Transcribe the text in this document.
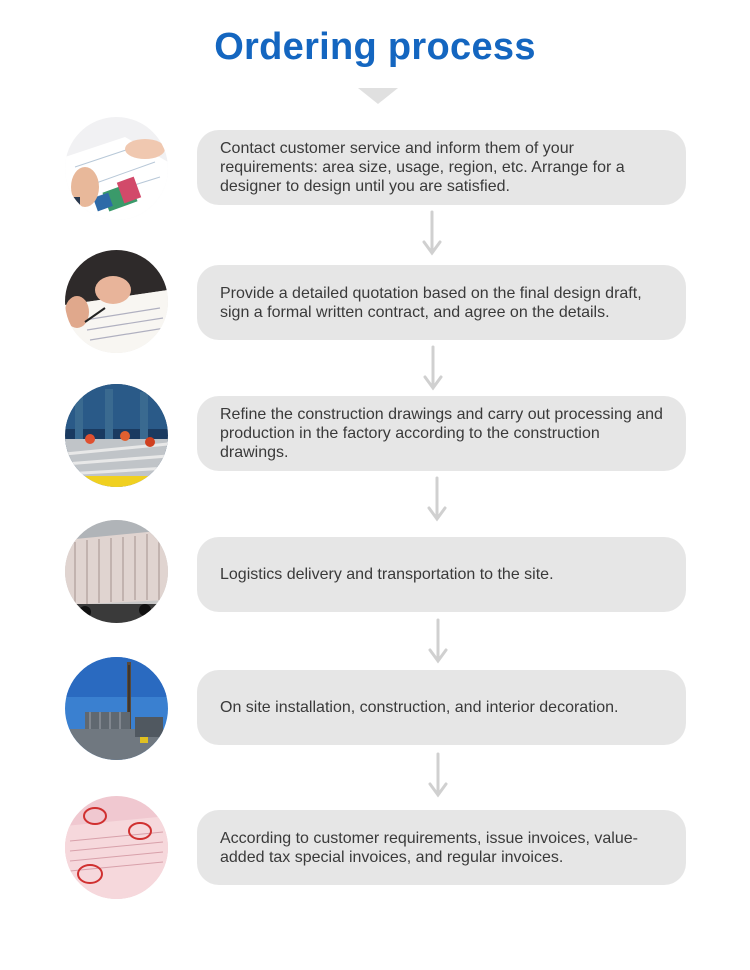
Ordering process
Contact customer service and inform them of your requirements: area size, usage, region, etc. Arrange for a designer to design until you are satisfied.
Provide a detailed quotation based on the final design draft, sign a formal written contract, and agree on the details.
Refine the construction drawings and carry out processing and production in the factory according to the construction drawings.
Logistics delivery and transportation to the site.
On site installation, construction, and interior decoration.
According to customer requirements, issue invoices, value-added tax special invoices, and regular invoices.
